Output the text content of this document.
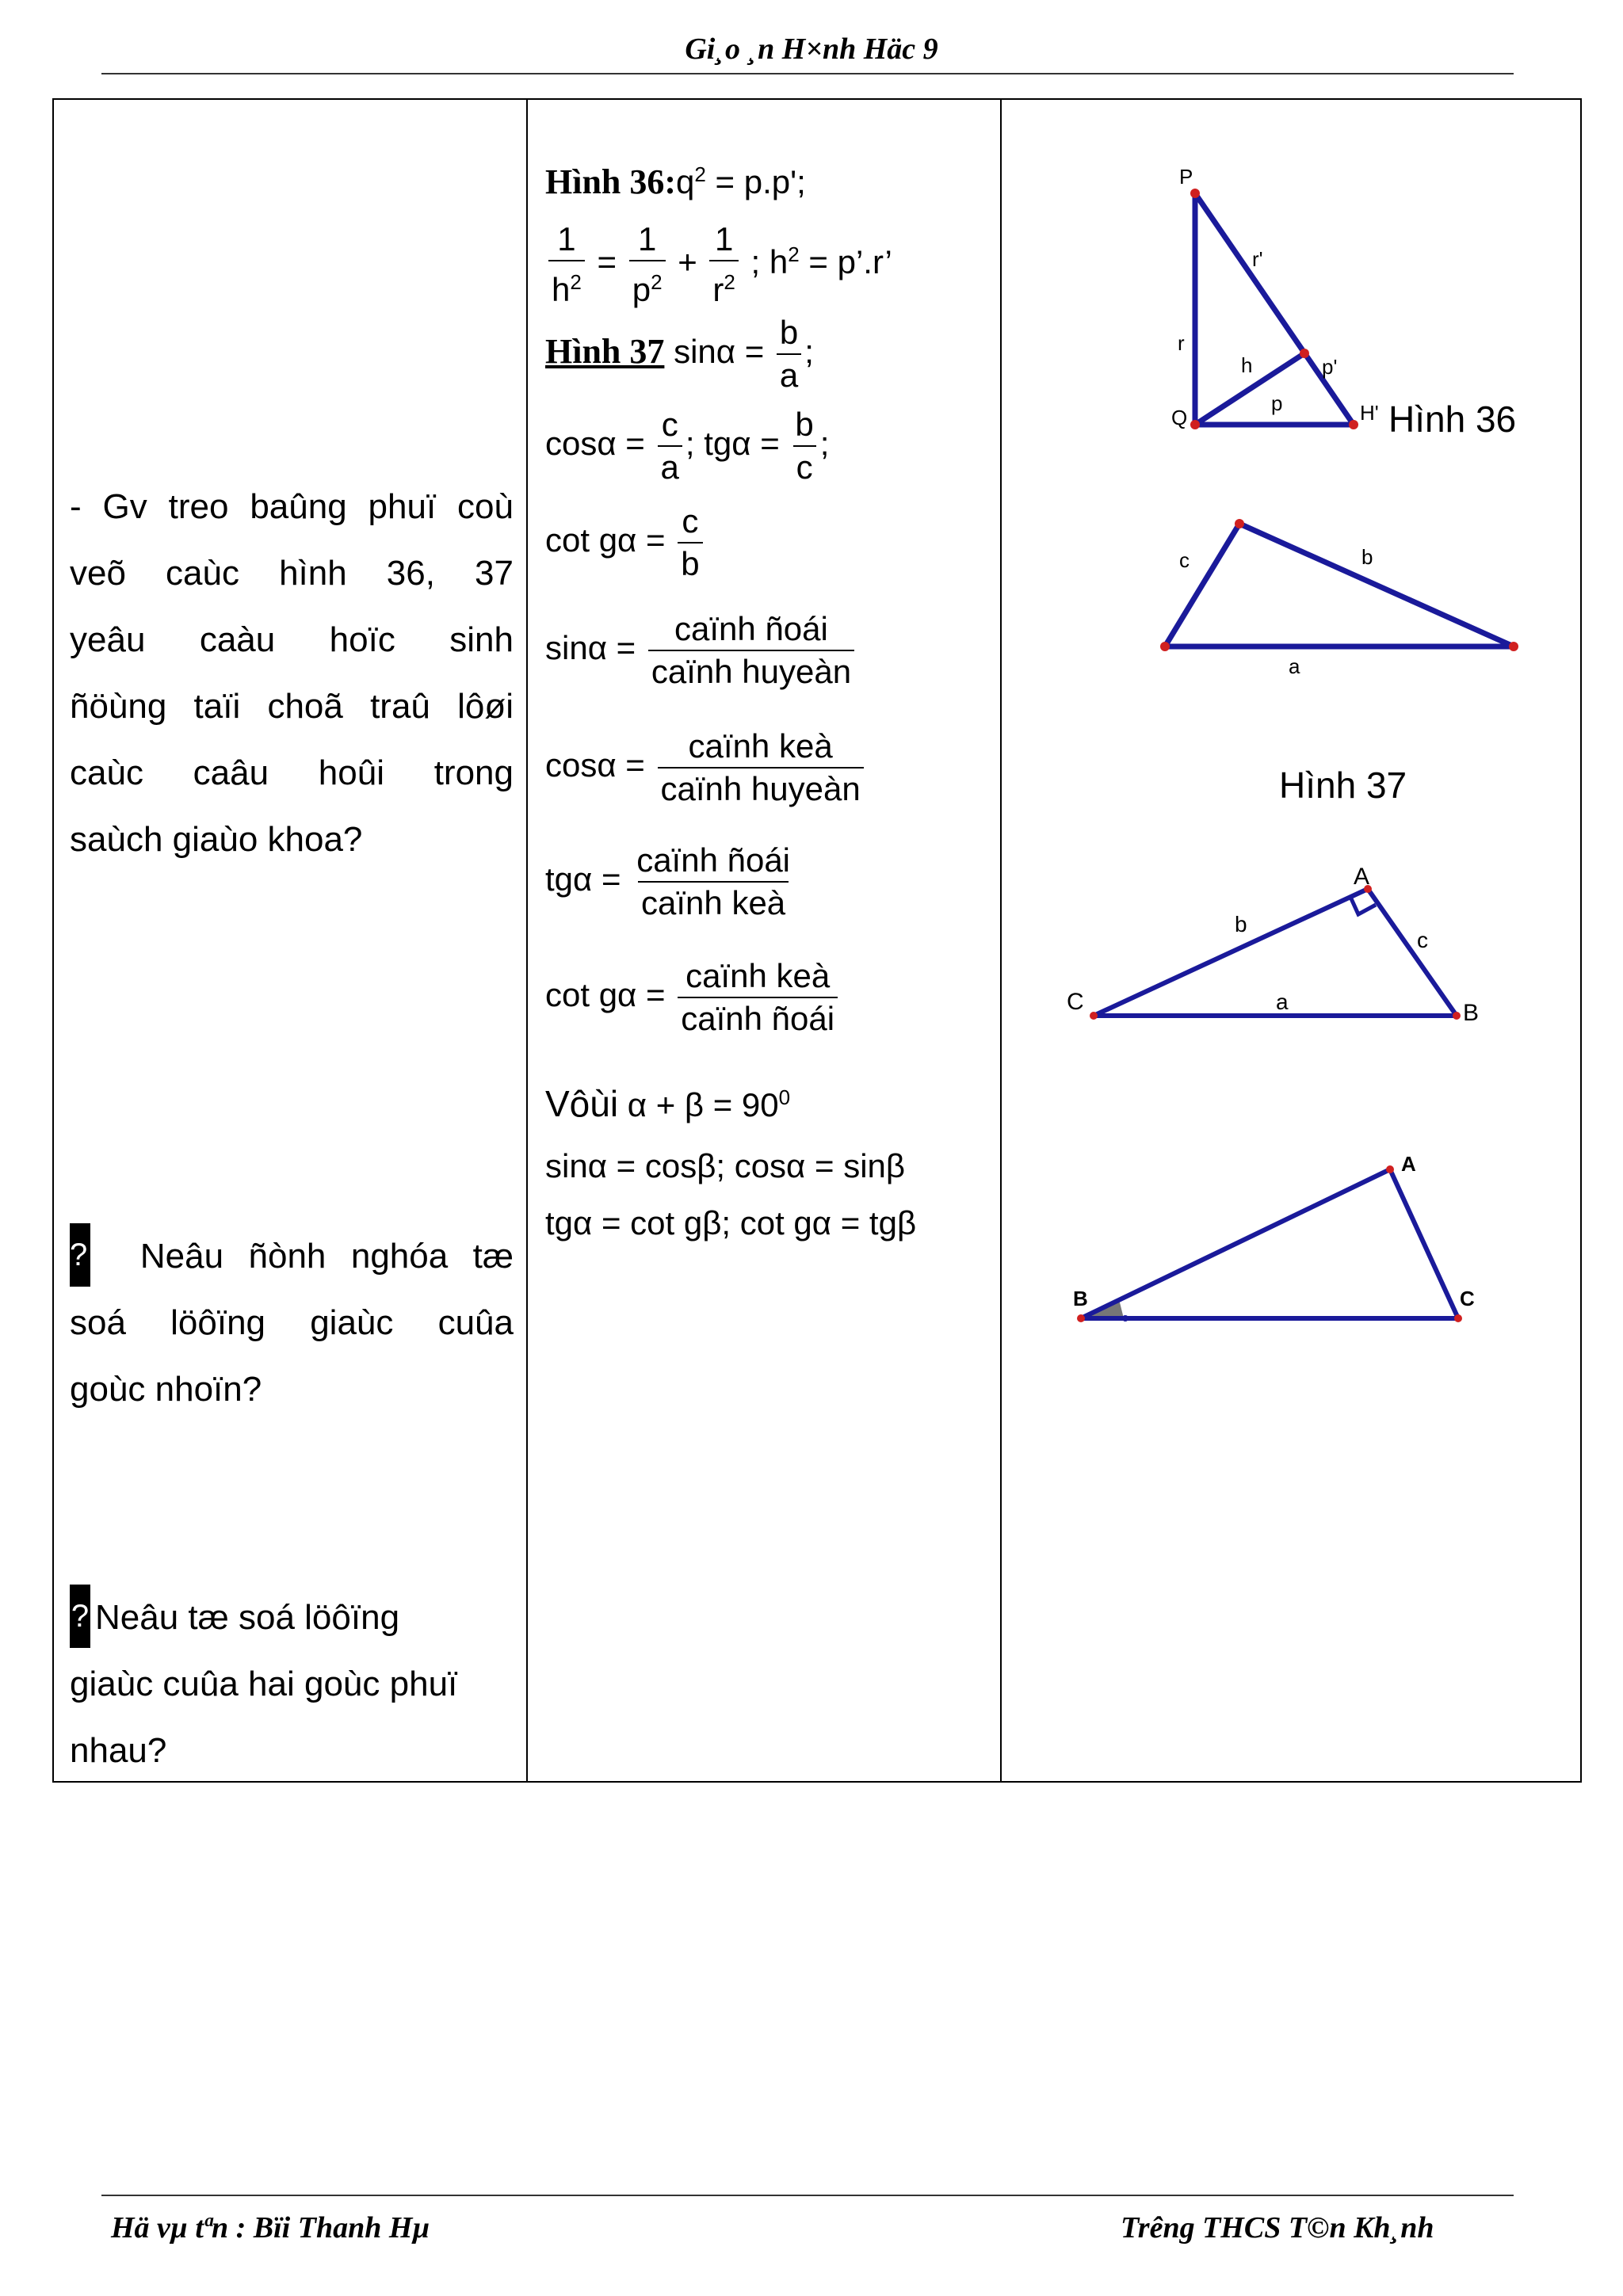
Gi¸o ¸n H×nh Häc 9
- Gv treo baûng phuï coù
veõ caùc hình 36, 37
yeâu caàu hoïc sinh
ñöùng taïi choã traû lôøi
caùc caâu hoûi trong
saùch giaùo khoa?
? Neâu ñònh nghóa tæ
soá löôïng giaùc cuûa
goùc nhoïn?
? Neâu tæ soá löôïng
giaùc cuûa hai goùc phuï
nhau?
Hình $36:q^2 = p.p'$;
$\frac{1}{h^2} = \frac{1}{p^2} + \frac{1}{r^2}$ ; $h^2$ = p’.r’
Hình 37 $\sin\alpha = \frac{b}{a}$ ;
$\cos\alpha = \frac{c}{a}$ ; $tg\alpha = \frac{b}{c}$ ;
$\cot g\alpha = \frac{c}{b}$
$\sin\alpha = \frac{\text{caïnh ñoái}}{\text{caïnh huyeàn}}$
$\cos\alpha = \frac{\text{caïnh keà}}{\text{caïnh huyeàn}}$
$tg\alpha = \frac{\text{caïnh ñoái}}{\text{caïnh keà}}$
$\cot g\alpha = \frac{\text{caïnh keà}}{\text{caïnh ñoái}}$
Vôùi $\alpha + \beta = 90^0$
sinα = cosβ; cosα = sinβ
tgα = cot gβ; cot gα = tgβ
P
Q	H'
r
r'
h
p
p'
c	b
a
A
C	B
b
c
a
A
B	C
Hình 36
Hình 37
Hä vµ tªn : Bïi Thanh Hµ	Trêng THCS T©n Kh¸nh
